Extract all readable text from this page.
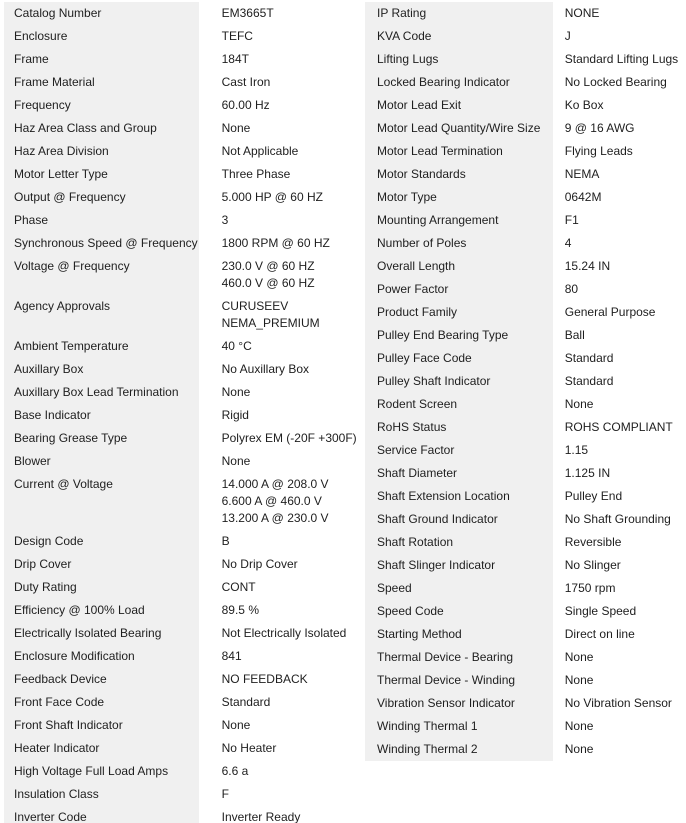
Catalog Number	EM3665T

Enclosure	TEFC

Frame	184T

Frame Material	Cast Iron

Frequency	60.00 Hz

Haz Area Class and Group	None

Haz Area Division	Not Applicable

Motor Letter Type	Three Phase

Output @ Frequency	5.000 HP @ 60 HZ

Phase	3

Synchronous Speed @ Frequency	1800 RPM @ 60 HZ

Voltage @ Frequency	230.0 V @ 60 HZ
460.0 V @ 60 HZ

Agency Approvals	CURUSEEV
NEMA_PREMIUM

Ambient Temperature	40 °C

Auxillary Box	No Auxillary Box

Auxillary Box Lead Termination	None

Base Indicator	Rigid

Bearing Grease Type	Polyrex EM (-20F +300F)

Blower	None

Current @ Voltage	14.000 A @ 208.0 V
6.600 A @ 460.0 V
13.200 A @ 230.0 V

Design Code	B

Drip Cover	No Drip Cover

Duty Rating	CONT

Efficiency @ 100% Load	89.5 %

Electrically Isolated Bearing	Not Electrically Isolated

Enclosure Modification	841

Feedback Device	NO FEEDBACK

Front Face Code	Standard

Front Shaft Indicator	None

Heater Indicator	No Heater

High Voltage Full Load Amps	6.6 a

Insulation Class	F

Inverter Code	Inverter Ready
IP Rating	NONE

KVA Code	J

Lifting Lugs	Standard Lifting Lugs

Locked Bearing Indicator	No Locked Bearing

Motor Lead Exit	Ko Box

Motor Lead Quantity/Wire Size	9 @ 16 AWG

Motor Lead Termination	Flying Leads

Motor Standards	NEMA

Motor Type	0642M

Mounting Arrangement	F1

Number of Poles	4

Overall Length	15.24 IN

Power Factor	80

Product Family	General Purpose

Pulley End Bearing Type	Ball

Pulley Face Code	Standard

Pulley Shaft Indicator	Standard

Rodent Screen	None

RoHS Status	ROHS COMPLIANT

Service Factor	1.15

Shaft Diameter	1.125 IN

Shaft Extension Location	Pulley End

Shaft Ground Indicator	No Shaft Grounding

Shaft Rotation	Reversible

Shaft Slinger Indicator	No Slinger

Speed	1750 rpm

Speed Code	Single Speed

Starting Method	Direct on line

Thermal Device - Bearing	None

Thermal Device - Winding	None

Vibration Sensor Indicator	No Vibration Sensor

Winding Thermal 1	None

Winding Thermal 2	None
